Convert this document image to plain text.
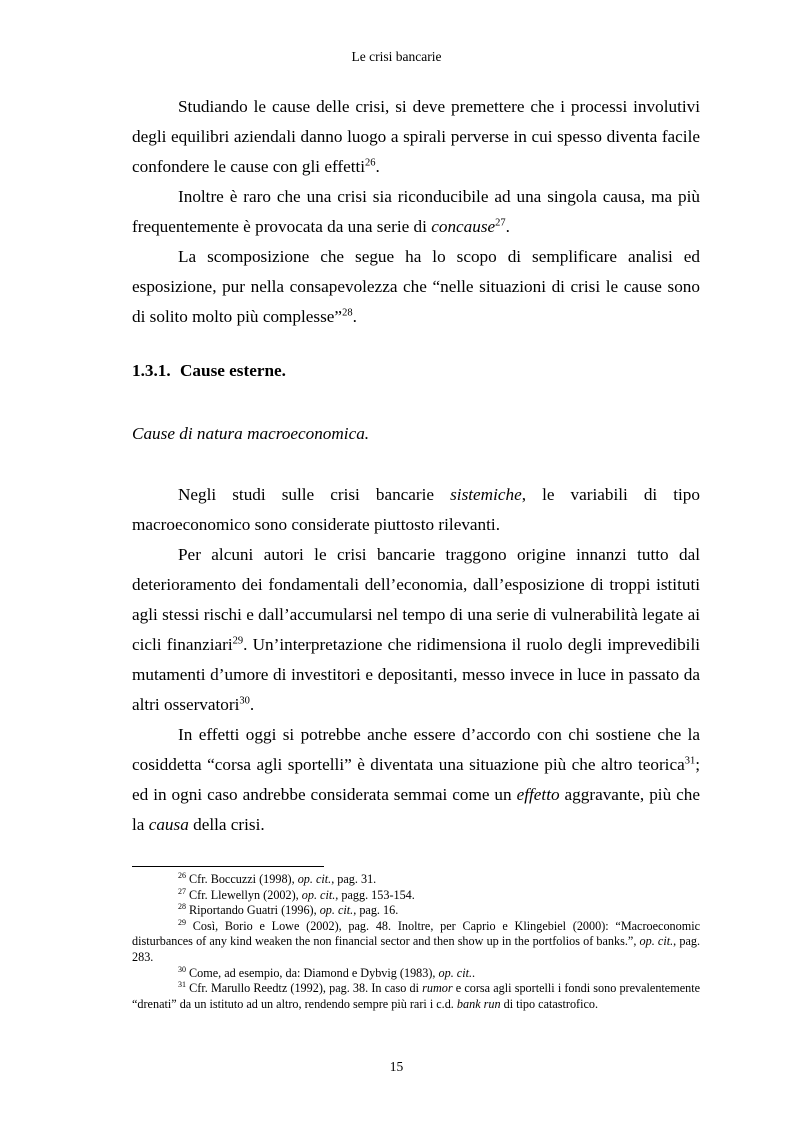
Le crisi bancarie

Studiando le cause delle crisi, si deve premettere che i processi involutivi degli equilibri aziendali danno luogo a spirali perverse in cui spesso diventa facile confondere le cause con gli effetti$^{26}$.

Inoltre è raro che una crisi sia riconducibile ad una singola causa, ma più frequentemente è provocata da una serie di concause$^{27}$.

La scomposizione che segue ha lo scopo di semplificare analisi ed esposizione, pur nella consapevolezza che “nelle situazioni di crisi le cause sono di solito molto più complesse”$^{28}$.

1.3.1. Cause esterne.

Cause di natura macroeconomica.

Negli studi sulle crisi bancarie sistemiche, le variabili di tipo macroeconomico sono considerate piuttosto rilevanti.

Per alcuni autori le crisi bancarie traggono origine innanzi tutto dal deterioramento dei fondamentali dell’economia, dall’esposizione di troppi istituti agli stessi rischi e dall’accumularsi nel tempo di una serie di vulnerabilità legate ai cicli finanziari$^{29}$. Un’interpretazione che ridimensiona il ruolo degli imprevedibili mutamenti d’umore di investitori e depositanti, messo invece in luce in passato da altri osservatori$^{30}$.

In effetti oggi si potrebbe anche essere d’accordo con chi sostiene che la cosiddetta “corsa agli sportelli” è diventata una situazione più che altro teorica$^{31}$; ed in ogni caso andrebbe considerata semmai come un effetto aggravante, più che la causa della crisi.

$^{26}$ Cfr. Boccuzzi (1998), op. cit., pag. 31.

$^{27}$ Cfr. Llewellyn (2002), op. cit., pagg. 153-154.

$^{28}$ Riportando Guatri (1996), op. cit., pag. 16.

$^{29}$ Così, Borio e Lowe (2002), pag. 48. Inoltre, per Caprio e Klingebiel (2000): “Macroeconomic disturbances of any kind weaken the non financial sector and then show up in the portfolios of banks.”, op. cit., pag. 283.

$^{30}$ Come, ad esempio, da: Diamond e Dybvig (1983), op. cit..

$^{31}$ Cfr. Marullo Reedtz (1992), pag. 38. In caso di rumor e corsa agli sportelli i fondi sono prevalentemente “drenati” da un istituto ad un altro, rendendo sempre più rari i c.d. bank run di tipo catastrofico.

15
